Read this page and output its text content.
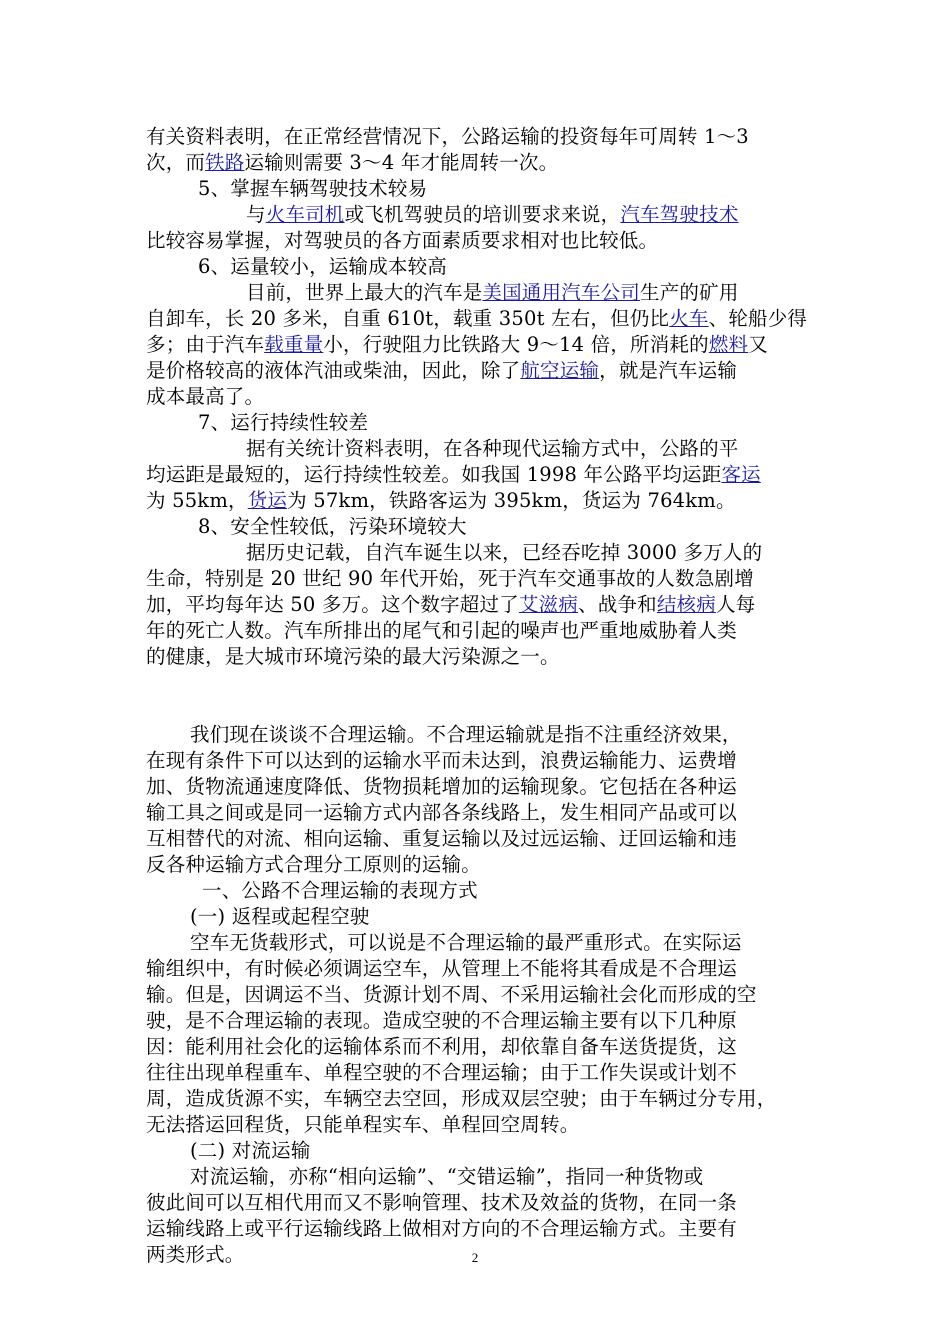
有关资料表明，在正常经营情况下，公路运输的投资每年可周转 1～3
次，而铁路运输则需要 3～4 年才能周转一次。
5、掌握车辆驾驶技术较易
与火车司机或飞机驾驶员的培训要求来说，汽车驾驶技术
比较容易掌握，对驾驶员的各方面素质要求相对也比较低。
6、运量较小，运输成本较高
目前，世界上最大的汽车是美国通用汽车公司生产的矿用
自卸车，长 20 多米，自重 610t，载重 350t 左右，但仍比火车、轮船少得
多；由于汽车载重量小，行驶阻力比铁路大 9～14 倍，所消耗的燃料又
是价格较高的液体汽油或柴油，因此，除了航空运输，就是汽车运输
成本最高了。
7、运行持续性较差
据有关统计资料表明，在各种现代运输方式中，公路的平
均运距是最短的，运行持续性较差。如我国 1998 年公路平均运距客运
为 55km，货运为 57km，铁路客运为 395km，货运为 764km。
8、安全性较低，污染环境较大
据历史记载，自汽车诞生以来，已经吞吃掉 3000 多万人的
生命，特别是 20 世纪 90 年代开始，死于汽车交通事故的人数急剧增
加，平均每年达 50 多万。这个数字超过了艾滋病、战争和结核病人每
年的死亡人数。汽车所排出的尾气和引起的噪声也严重地威胁着人类
的健康，是大城市环境污染的最大污染源之一。
我们现在谈谈不合理运输。不合理运输就是指不注重经济效果，
在现有条件下可以达到的运输水平而未达到，浪费运输能力、运费增
加、货物流通速度降低、货物损耗增加的运输现象。它包括在各种运
输工具之间或是同一运输方式内部各条线路上，发生相同产品或可以
互相替代的对流、相向运输、重复运输以及过远运输、迂回运输和违
反各种运输方式合理分工原则的运输。
一、公路不合理运输的表现方式
(一) 返程或起程空驶
空车无货载形式，可以说是不合理运输的最严重形式。在实际运
输组织中，有时候必须调运空车，从管理上不能将其看成是不合理运
输。但是，因调运不当、货源计划不周、不采用运输社会化而形成的空
驶，是不合理运输的表现。造成空驶的不合理运输主要有以下几种原
因：能利用社会化的运输体系而不利用，却依靠自备车送货提货，这
往往出现单程重车、单程空驶的不合理运输；由于工作失误或计划不
周，造成货源不实，车辆空去空回，形成双层空驶；由于车辆过分专用，
无法搭运回程货，只能单程实车、单程回空周转。
(二) 对流运输
对流运输，亦称“相向运输”、“交错运输”，指同一种货物或
彼此间可以互相代用而又不影响管理、技术及效益的货物，在同一条
运输线路上或平行运输线路上做相对方向的不合理运输方式。主要有
两类形式。	2
